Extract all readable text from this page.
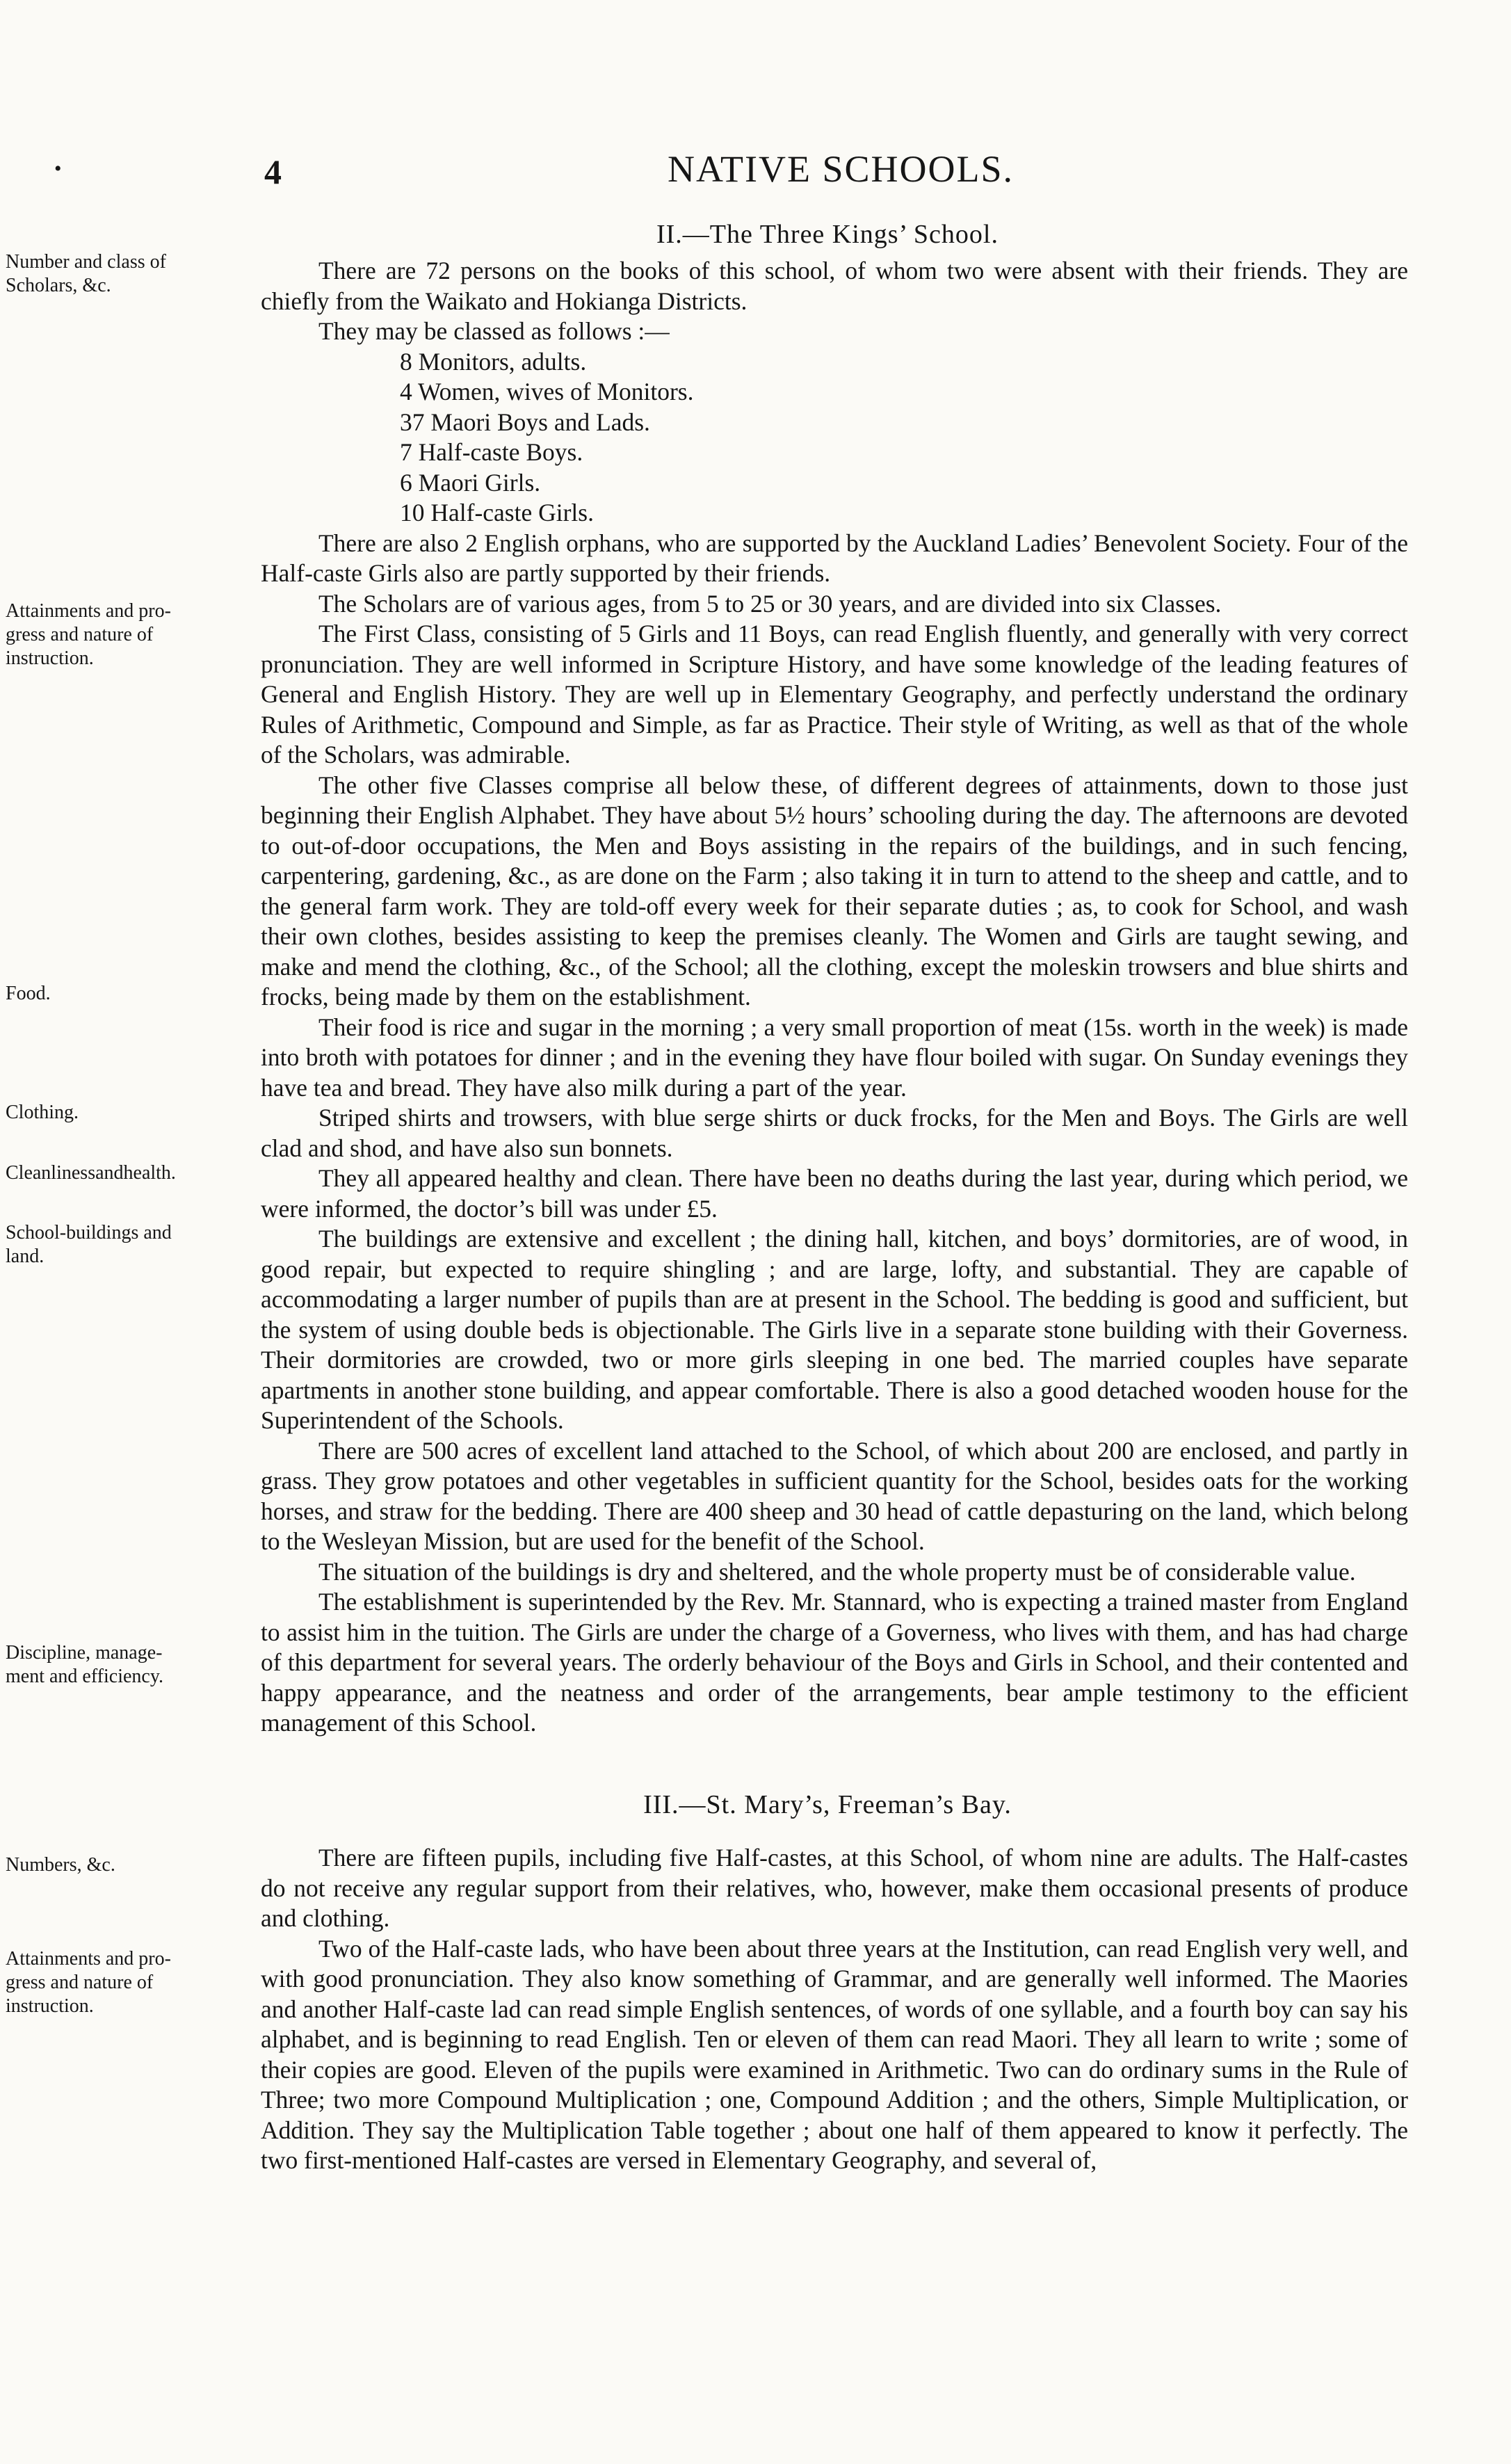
•	4	NATIVE SCHOOLS.
II.—The Three Kings’ School.
Number and class of
Scholars, &c.
Attainments and pro-
gress and nature of
instruction.
Food.
Clothing.
Cleanlinessandhealth.
School-buildings and
land.
Discipline, manage-
ment and efficiency.

There are 72 persons on the books of this school, of whom two were absent with their friends. They are chiefly from the Waikato and Hokianga Districts.

They may be classed as follows :—

8 Monitors, adults.
4 Women, wives of Monitors.
37 Maori Boys and Lads.
7 Half-caste Boys.
6 Maori Girls.
10 Half-caste Girls.

There are also 2 English orphans, who are supported by the Auckland Ladies’ Benevolent Society. Four of the Half-caste Girls also are partly supported by their friends.

The Scholars are of various ages, from 5 to 25 or 30 years, and are divided into six Classes.

The First Class, consisting of 5 Girls and 11 Boys, can read English fluently, and generally with very correct pronunciation. They are well informed in Scripture History, and have some knowledge of the leading features of General and English History. They are well up in Elementary Geography, and perfectly understand the ordinary Rules of Arithmetic, Compound and Simple, as far as Practice. Their style of Writing, as well as that of the whole of the Scholars, was admirable.

The other five Classes comprise all below these, of different degrees of attainments, down to those just beginning their English Alphabet. They have about 5½ hours’ schooling during the day. The afternoons are devoted to out-of-door occupations, the Men and Boys assisting in the repairs of the buildings, and in such fencing, carpentering, gardening, &c., as are done on the Farm ; also taking it in turn to attend to the sheep and cattle, and to the general farm work. They are told-off every week for their separate duties ; as, to cook for School, and wash their own clothes, besides assisting to keep the premises cleanly. The Women and Girls are taught sewing, and make and mend the clothing, &c., of the School; all the clothing, except the moleskin trowsers and blue shirts and frocks, being made by them on the establishment.

Their food is rice and sugar in the morning ; a very small proportion of meat (15s. worth in the week) is made into broth with potatoes for dinner ; and in the evening they have flour boiled with sugar. On Sunday evenings they have tea and bread. They have also milk during a part of the year.

Striped shirts and trowsers, with blue serge shirts or duck frocks, for the Men and Boys. The Girls are well clad and shod, and have also sun bonnets.

They all appeared healthy and clean. There have been no deaths during the last year, during which period, we were informed, the doctor’s bill was under £5.

The buildings are extensive and excellent ; the dining hall, kitchen, and boys’ dormitories, are of wood, in good repair, but expected to require shingling ; and are large, lofty, and substantial. They are capable of accommodating a larger number of pupils than are at present in the School. The bedding is good and sufficient, but the system of using double beds is objectionable. The Girls live in a separate stone building with their Governess. Their dormitories are crowded, two or more girls sleeping in one bed. The married couples have separate apartments in another stone building, and appear comfortable. There is also a good detached wooden house for the Superintendent of the Schools.

There are 500 acres of excellent land attached to the School, of which about 200 are enclosed, and partly in grass. They grow potatoes and other vegetables in sufficient quantity for the School, besides oats for the working horses, and straw for the bedding. There are 400 sheep and 30 head of cattle depasturing on the land, which belong to the Wesleyan Mission, but are used for the benefit of the School.

The situation of the buildings is dry and sheltered, and the whole property must be of considerable value.

The establishment is superintended by the Rev. Mr. Stannard, who is expecting a trained master from England to assist him in the tuition. The Girls are under the charge of a Governess, who lives with them, and has had charge of this department for several years. The orderly behaviour of the Boys and Girls in School, and their contented and happy appearance, and the neatness and order of the arrangements, bear ample testimony to the efficient management of this School.

III.—St. Mary’s, Freeman’s Bay.
Numbers, &c.
Attainments and pro-
gress and nature of
instruction.

There are fifteen pupils, including five Half-castes, at this School, of whom nine are adults. The Half-castes do not receive any regular support from their relatives, who, however, make them occasional presents of produce and clothing.

Two of the Half-caste lads, who have been about three years at the Institution, can read English very well, and with good pronunciation. They also know something of Grammar, and are generally well informed. The Maories and another Half-caste lad can read simple English sentences, of words of one syllable, and a fourth boy can say his alphabet, and is beginning to read English. Ten or eleven of them can read Maori. They all learn to write ; some of their copies are good. Eleven of the pupils were examined in Arithmetic. Two can do ordinary sums in the Rule of Three; two more Compound Multiplication ; one, Compound Addition ; and the others, Simple Multiplication, or Addition. They say the Multiplication Table together ; about one half of them appeared to know it perfectly. The two first-mentioned Half-castes are versed in Elementary Geography, and several of,
